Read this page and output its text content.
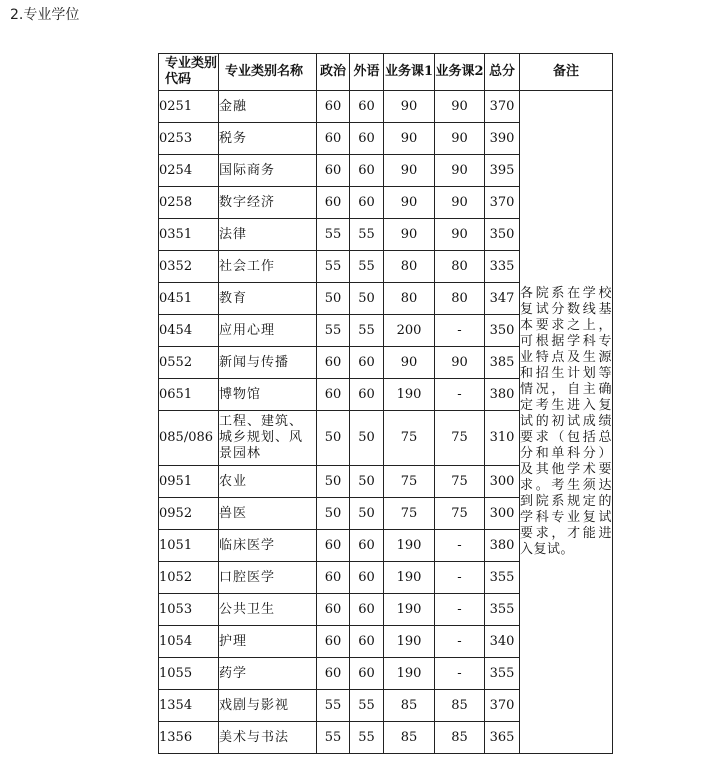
2.专业学位
专业类别代码	专业类别名称	政治	外语	业务课1	业务课2	总分	备注
0251	金融	60	60	90	90	370	各院系在学校复试分数线基本要求之上，可根据学科专业特点及生源和招生计划等情况，自主确定考生进入复试的初试成绩要求（包括总分和单科分）及其他学术要求。考生须达到院系规定的学科专业复试要求，才能进入复试。
0253	税务	60	60	90	90	390	
0254	国际商务	60	60	90	90	395	
0258	数字经济	60	60	90	90	370	
0351	法律	55	55	90	90	350	
0352	社会工作	55	55	80	80	335	
0451	教育	50	50	80	80	347	
0454	应用心理	55	55	200	-	350	
0552	新闻与传播	60	60	90	90	385	
0651	博物馆	60	60	190	-	380	
085/086	工程、建筑、城乡规划、风景园林	50	50	75	75	310	
0951	农业	50	50	75	75	300	
0952	兽医	50	50	75	75	300	
1051	临床医学	60	60	190	-	380	
1052	口腔医学	60	60	190	-	355	
1053	公共卫生	60	60	190	-	355	
1054	护理	60	60	190	-	340	
1055	药学	60	60	190	-	355	
1354	戏剧与影视	55	55	85	85	370	
1356	美术与书法	55	55	85	85	365	
